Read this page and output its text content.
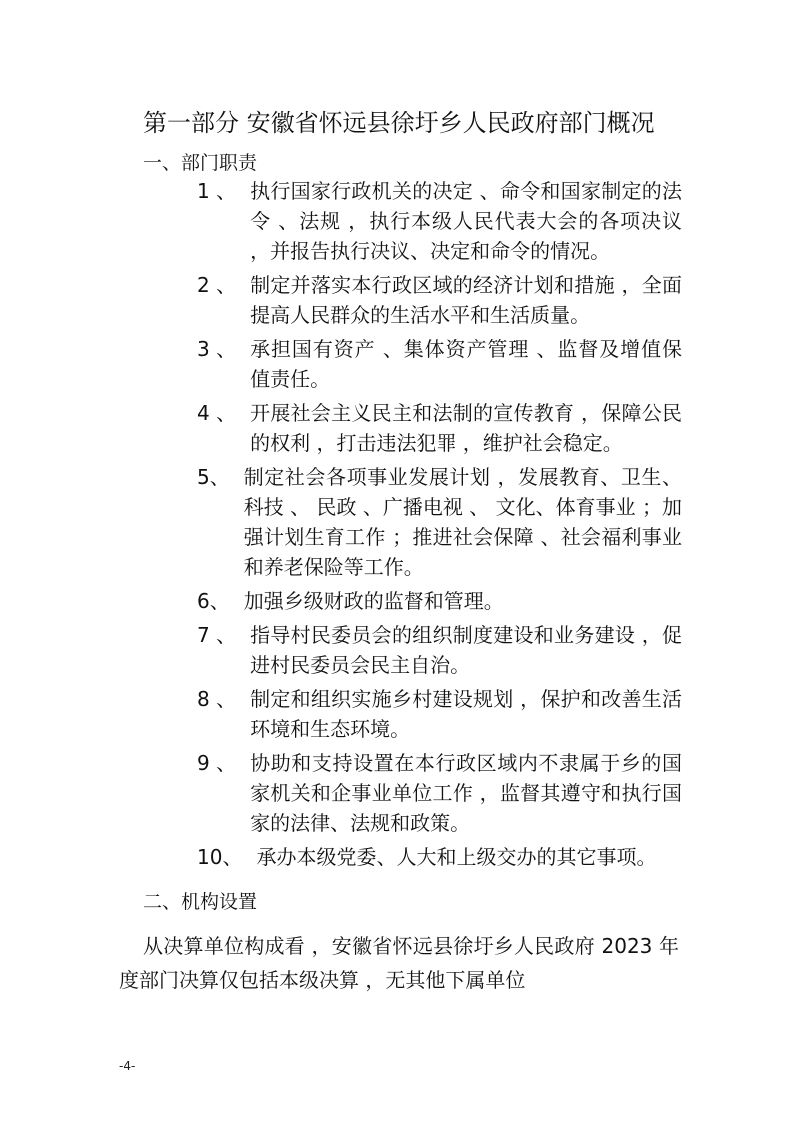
第一部分 安徽省怀远县徐圩乡人民政府部门概况
一、部门职责
1 、 执行国家行政机关的决定 、命令和国家制定的法令 、法规 ，执行本级人民代表大会的各项决议 ，并报告执行决议、决定和命令的情况。
2 、 制定并落实本行政区域的经济计划和措施 ，全面提高人民群众的生活水平和生活质量。
3 、 承担国有资产 、集体资产管理 、监督及增值保值责任。
4 、 开展社会主义民主和法制的宣传教育 ，保障公民的权利 ，打击违法犯罪 ，维护社会稳定。
5、 制定社会各项事业发展计划 ，发展教育、卫生、科技 、 民政 、广播电视 、 文化、体育事业 ；加强计划生育工作 ；推进社会保障 、社会福利事业和养老保险等工作。
6、 加强乡级财政的监督和管理。
7 、 指导村民委员会的组织制度建设和业务建设 ，促进村民委员会民主自治。
8 、 制定和组织实施乡村建设规划 ，保护和改善生活环境和生态环境。
9 、 协助和支持设置在本行政区域内不隶属于乡的国家机关和企事业单位工作 ，监督其遵守和执行国家的法律、法规和政策。
10、 承办本级党委、人大和上级交办的其它事项。
二、机构设置

从决算单位构成看 ，安徽省怀远县徐圩乡人民政府 2023 年度部门决算仅包括本级决算 ，无其他下属单位

-4-
